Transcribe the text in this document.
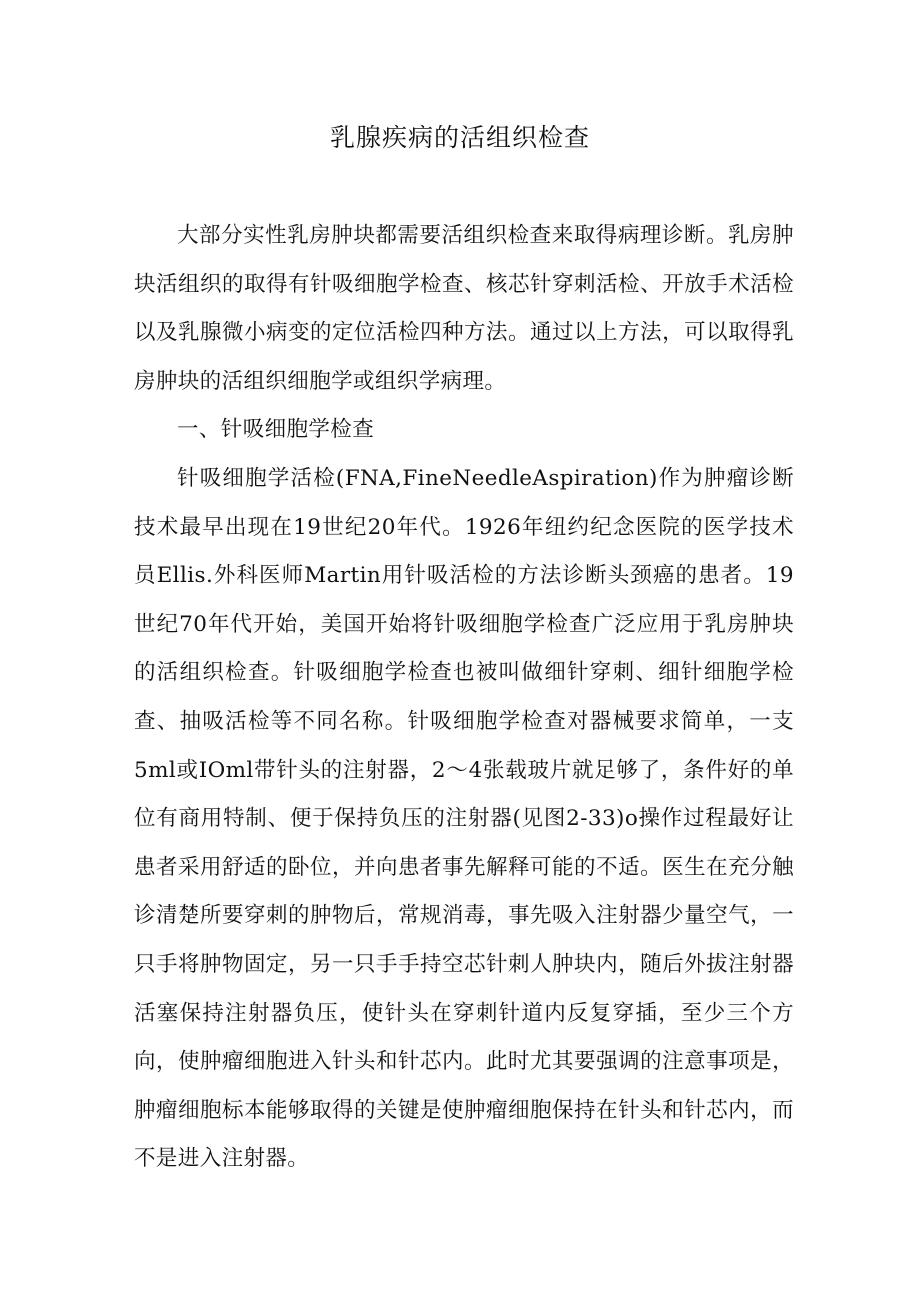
乳腺疾病的活组织检查

大部分实性乳房肿块都需要活组织检查来取得病理诊断。乳房肿块活组织的取得有针吸细胞学检查、核芯针穿刺活检、开放手术活检以及乳腺微小病变的定位活检四种方法。通过以上方法，可以取得乳房肿块的活组织细胞学或组织学病理。

一、针吸细胞学检查

针吸细胞学活检(FNA,FineNeedleAspiration)作为肿瘤诊断技术最早出现在19世纪20年代。1926年纽约纪念医院的医学技术员Ellis.外科医师Martin用针吸活检的方法诊断头颈癌的患者。19世纪70年代开始，美国开始将针吸细胞学检查广泛应用于乳房肿块的活组织检查。针吸细胞学检查也被叫做细针穿刺、细针细胞学检查、抽吸活检等不同名称。针吸细胞学检查对器械要求简单，一支5ml或IOml带针头的注射器，2～4张载玻片就足够了，条件好的单位有商用特制、便于保持负压的注射器(见图2-33)o操作过程最好让患者采用舒适的卧位，并向患者事先解释可能的不适。医生在充分触诊清楚所要穿刺的肿物后，常规消毒，事先吸入注射器少量空气，一只手将肿物固定，另一只手手持空芯针刺人肿块内，随后外拔注射器活塞保持注射器负压，使针头在穿刺针道内反复穿插，至少三个方向，使肿瘤细胞进入针头和针芯内。此时尤其要强调的注意事项是，肿瘤细胞标本能够取得的关键是使肿瘤细胞保持在针头和针芯内，而不是进入注射器。
